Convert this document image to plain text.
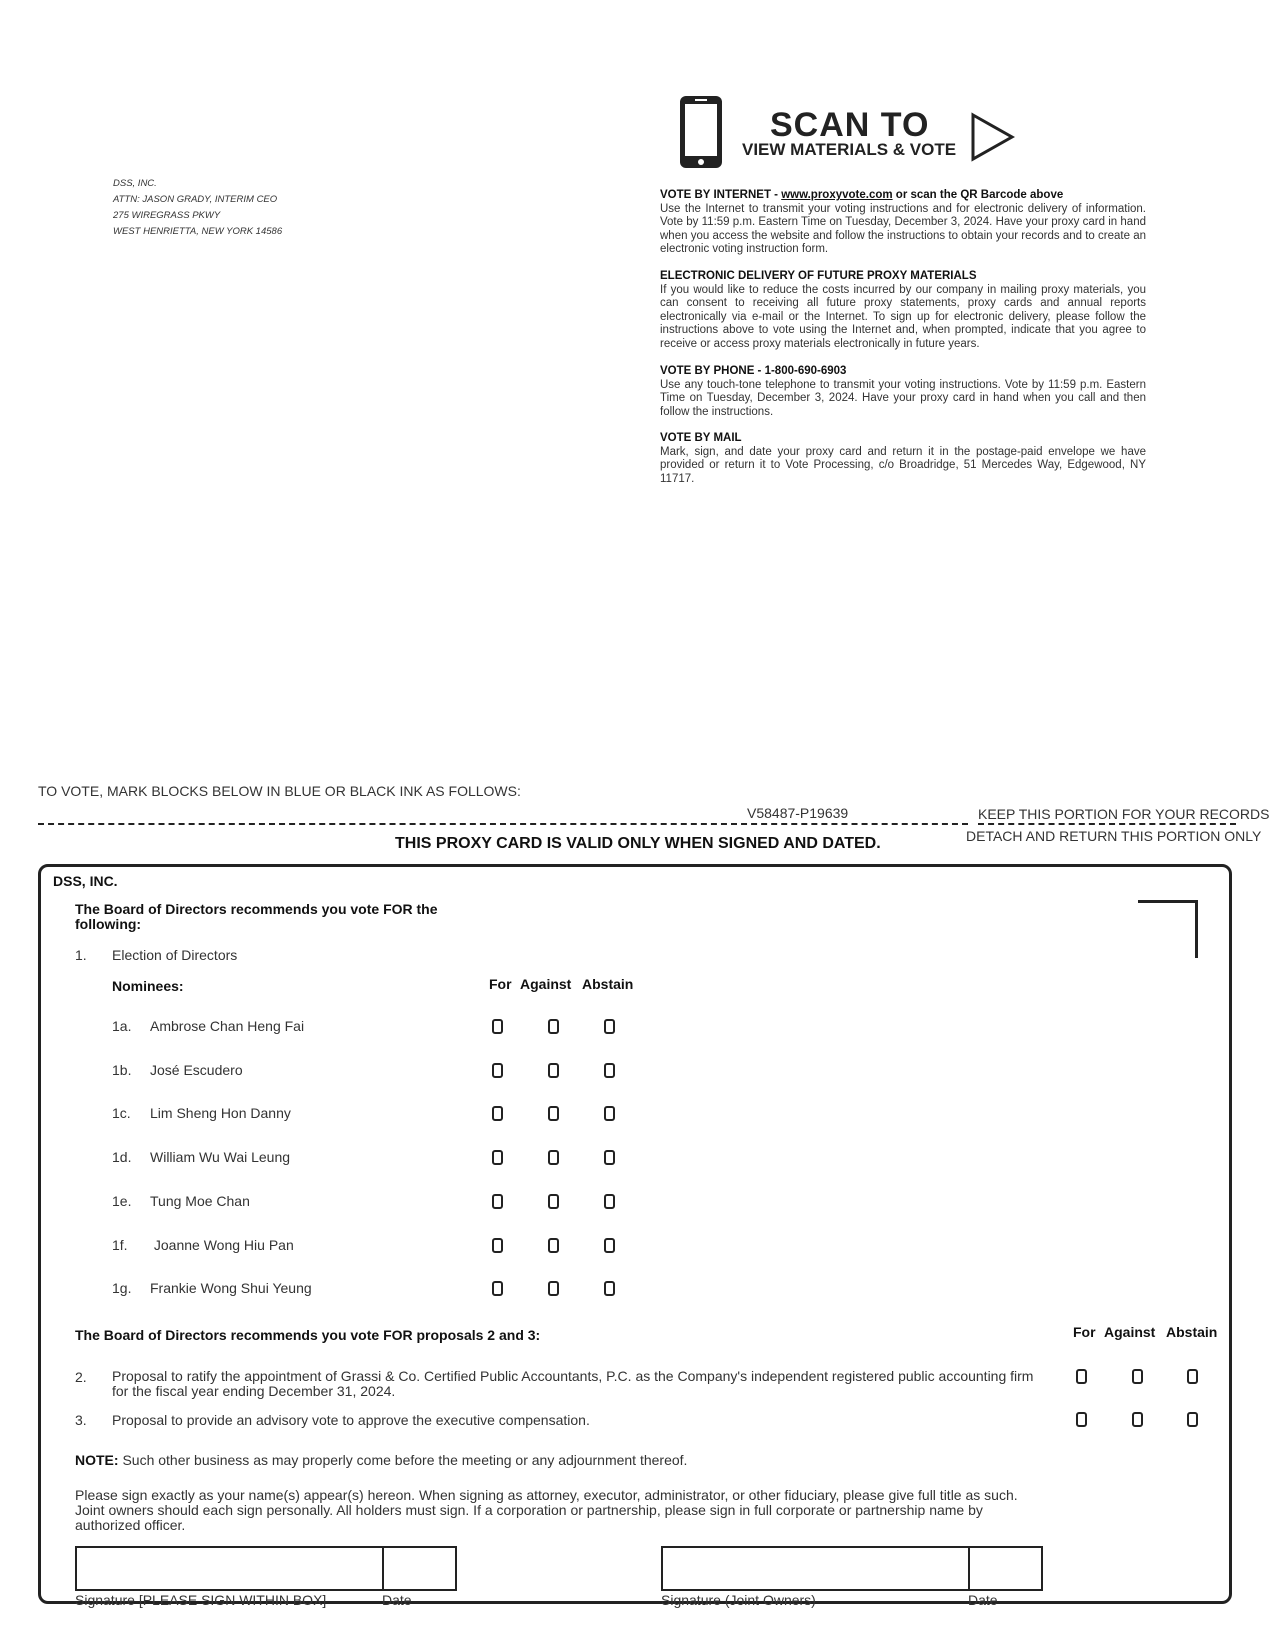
DSS, INC.
ATTN: JASON GRADY, INTERIM CEO
275 WIREGRASS PKWY
WEST HENRIETTA, NEW YORK 14586
SCAN TO
VIEW MATERIALS & VOTE
VOTE BY INTERNET - www.proxyvote.com or scan the QR Barcode above
Use the Internet to transmit your voting instructions and for electronic delivery of information. Vote by 11:59 p.m. Eastern Time on Tuesday, December 3, 2024. Have your proxy card in hand when you access the website and follow the instructions to obtain your records and to create an electronic voting instruction form.
ELECTRONIC DELIVERY OF FUTURE PROXY MATERIALS
If you would like to reduce the costs incurred by our company in mailing proxy materials, you can consent to receiving all future proxy statements, proxy cards and annual reports electronically via e-mail or the Internet. To sign up for electronic delivery, please follow the instructions above to vote using the Internet and, when prompted, indicate that you agree to receive or access proxy materials electronically in future years.
VOTE BY PHONE - 1-800-690-6903
Use any touch-tone telephone to transmit your voting instructions. Vote by 11:59 p.m. Eastern Time on Tuesday, December 3, 2024. Have your proxy card in hand when you call and then follow the instructions.
VOTE BY MAIL
Mark, sign, and date your proxy card and return it in the postage-paid envelope we have provided or return it to Vote Processing, c/o Broadridge, 51 Mercedes Way, Edgewood, NY 11717.
TO VOTE, MARK BLOCKS BELOW IN BLUE OR BLACK INK AS FOLLOWS:
V58487-P19639	KEEP THIS PORTION FOR YOUR RECORDS
DETACH AND RETURN THIS PORTION ONLY
THIS PROXY CARD IS VALID ONLY WHEN SIGNED AND DATED.
DSS, INC.
The Board of Directors recommends you vote FOR the following:
1. Election of Directors
Nominees:	For Against Abstain
1a. Ambrose Chan Heng Fai
1b. José Escudero
1c. Lim Sheng Hon Danny
1d. William Wu Wai Leung
1e. Tung Moe Chan
1f. Joanne Wong Hiu Pan
1g. Frankie Wong Shui Yeung
The Board of Directors recommends you vote FOR proposals 2 and 3:	For Against Abstain
2. Proposal to ratify the appointment of Grassi & Co. Certified Public Accountants, P.C. as the Company's independent registered public accounting firm for the fiscal year ending December 31, 2024.
3. Proposal to provide an advisory vote to approve the executive compensation.
NOTE: Such other business as may properly come before the meeting or any adjournment thereof.
Please sign exactly as your name(s) appear(s) hereon. When signing as attorney, executor, administrator, or other fiduciary, please give full title as such. Joint owners should each sign personally. All holders must sign. If a corporation or partnership, please sign in full corporate or partnership name by authorized officer.
Signature [PLEASE SIGN WITHIN BOX]	Date	Signature (Joint Owners)	Date
